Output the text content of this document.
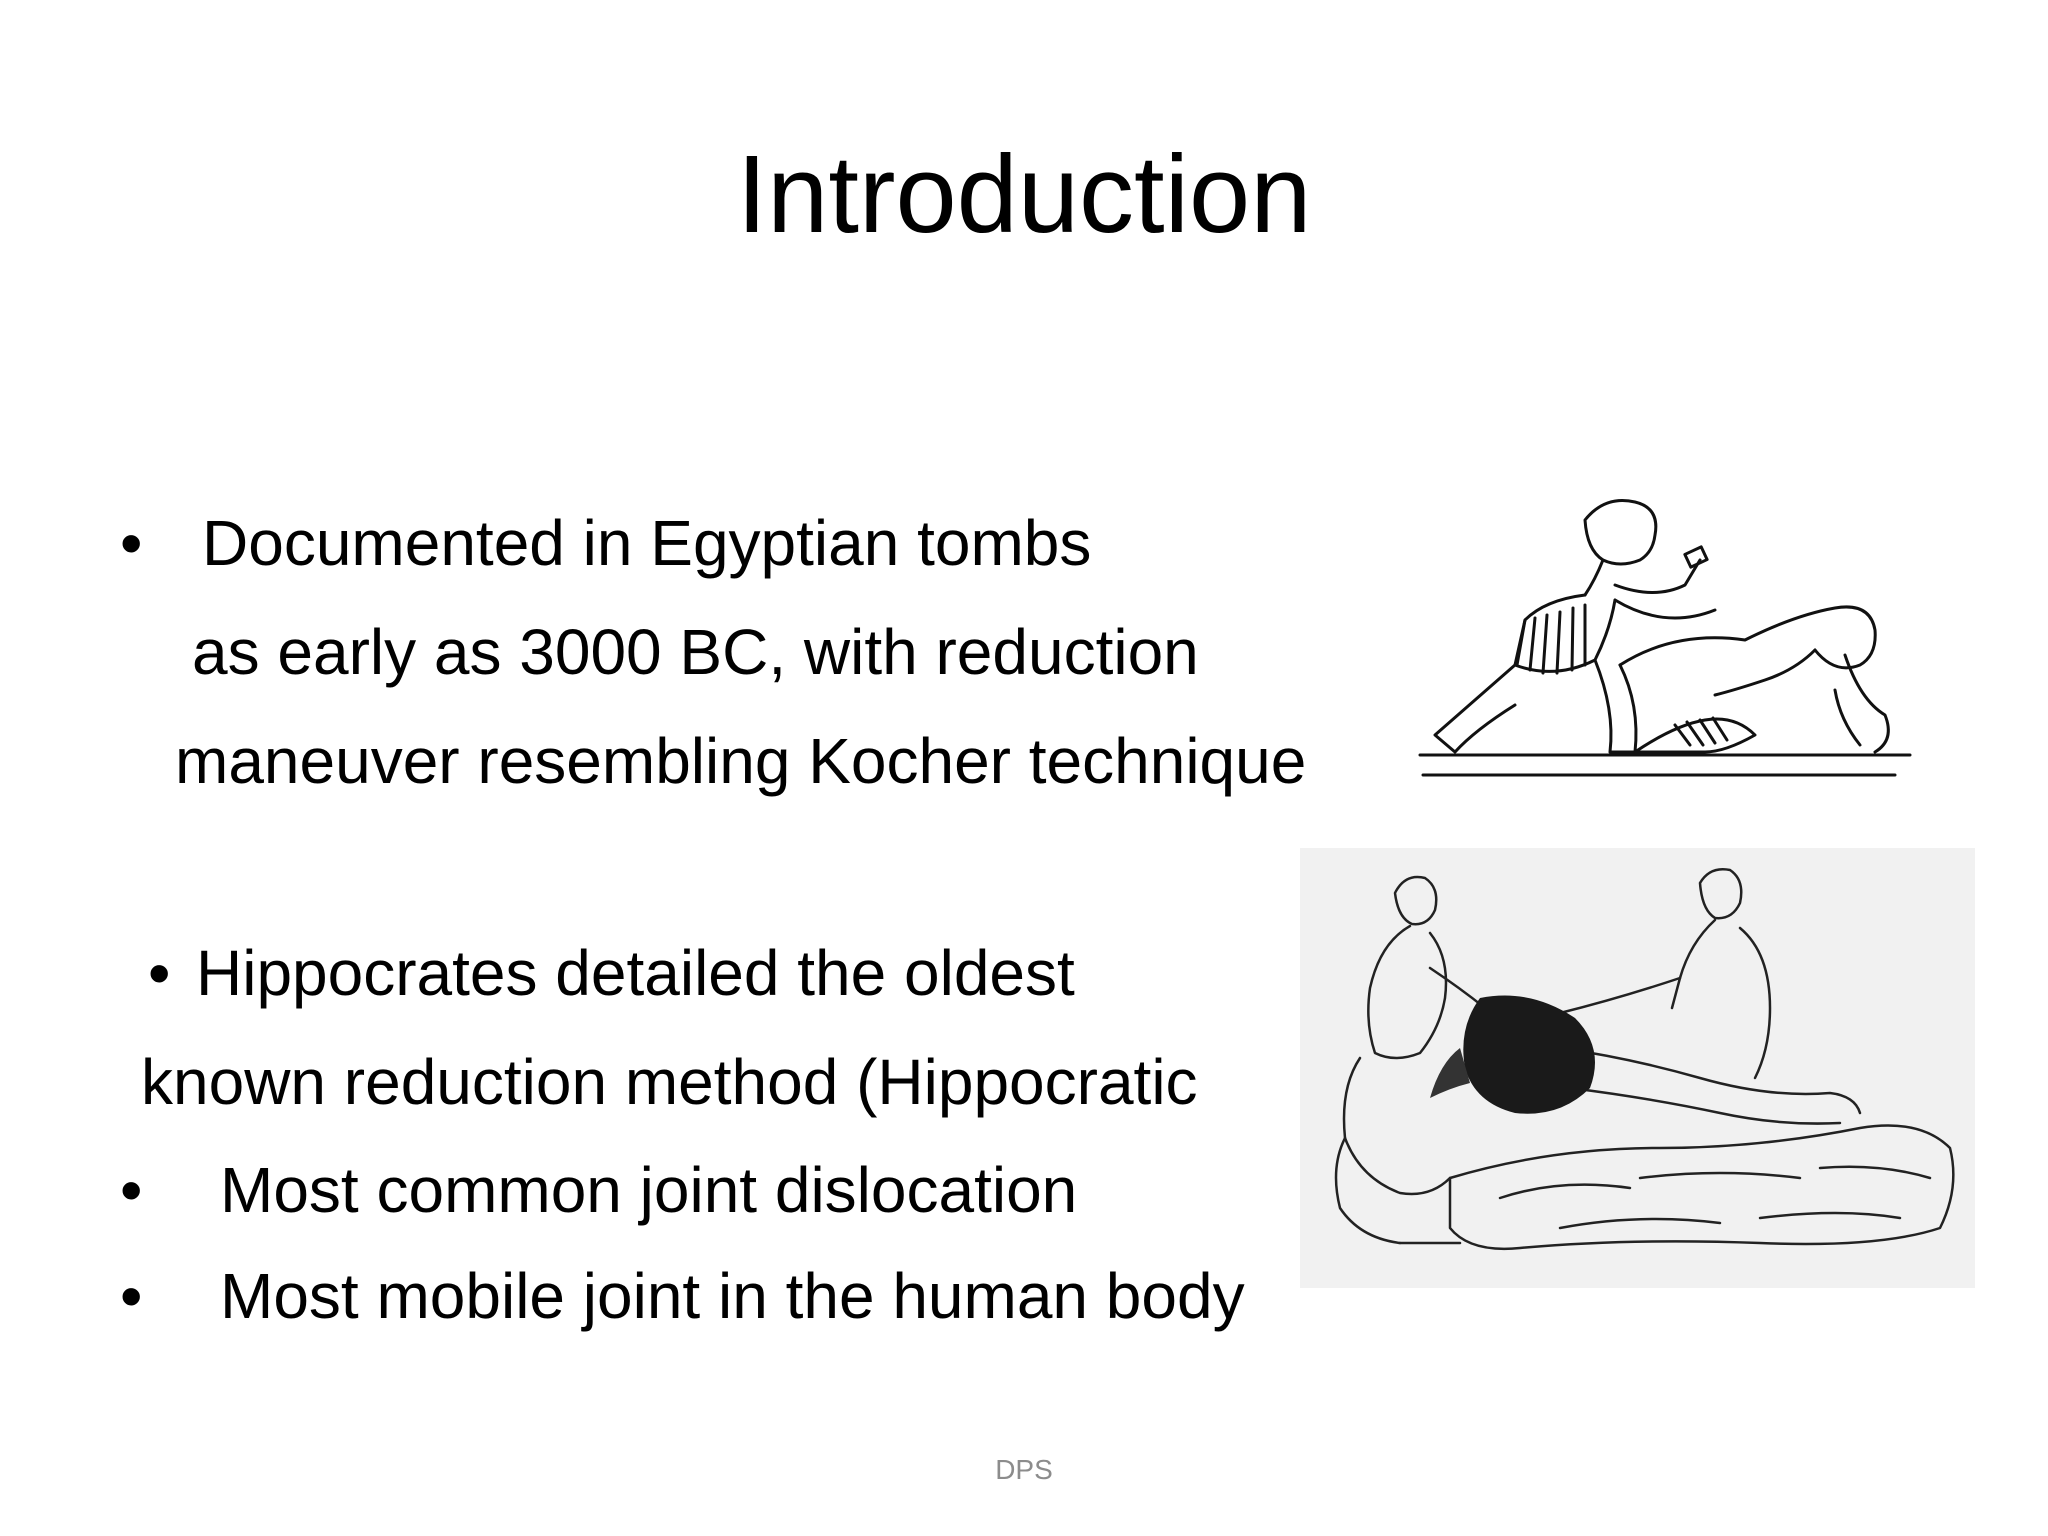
Introduction
• Documented in Egyptian tombs
as early as 3000 BC, with reduction
maneuver resembling Kocher technique
• Hippocrates detailed the oldest
known reduction method (Hippocratic
• Most common joint dislocation
• Most mobile joint in the human body
DPS
